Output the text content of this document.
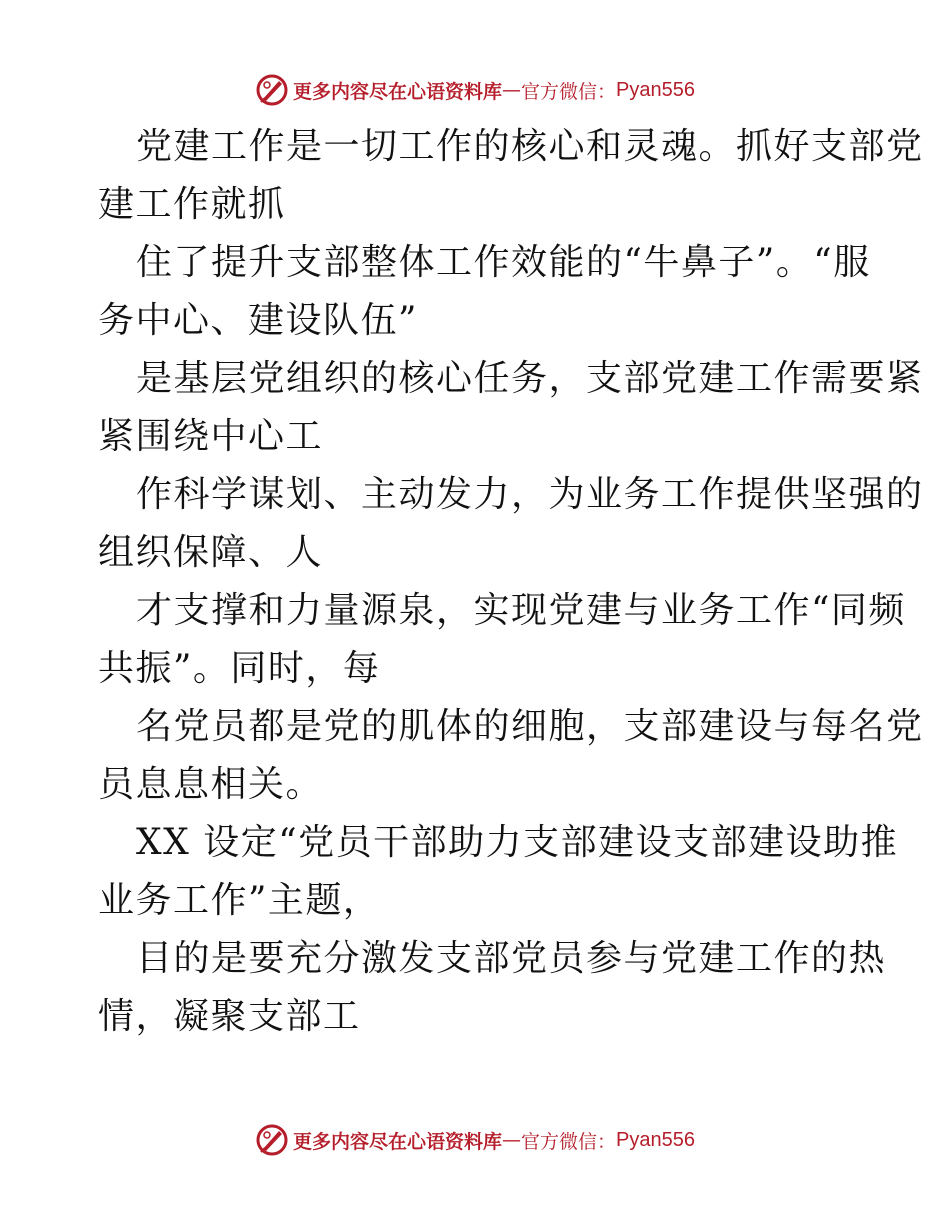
更多内容尽在心语资料库 — 官方微信： Pyan556

党建工作是一切工作的核心和灵魂。抓好支部党
建工作就抓

住了提升支部整体工作效能的“牛鼻子”。“服
务中心、建设队伍”

是基层党组织的核心任务，支部党建工作需要紧
紧围绕中心工

作科学谋划、主动发力，为业务工作提供坚强的
组织保障、人

才支撑和力量源泉，实现党建与业务工作“同频
共振”。同时，每

名党员都是党的肌体的细胞，支部建设与每名党
员息息相关。

XX 设定“党员干部助力支部建设支部建设助推
业务工作”主题，

目的是要充分激发支部党员参与党建工作的热
情，凝聚支部工

更多内容尽在心语资料库 — 官方微信： Pyan556
